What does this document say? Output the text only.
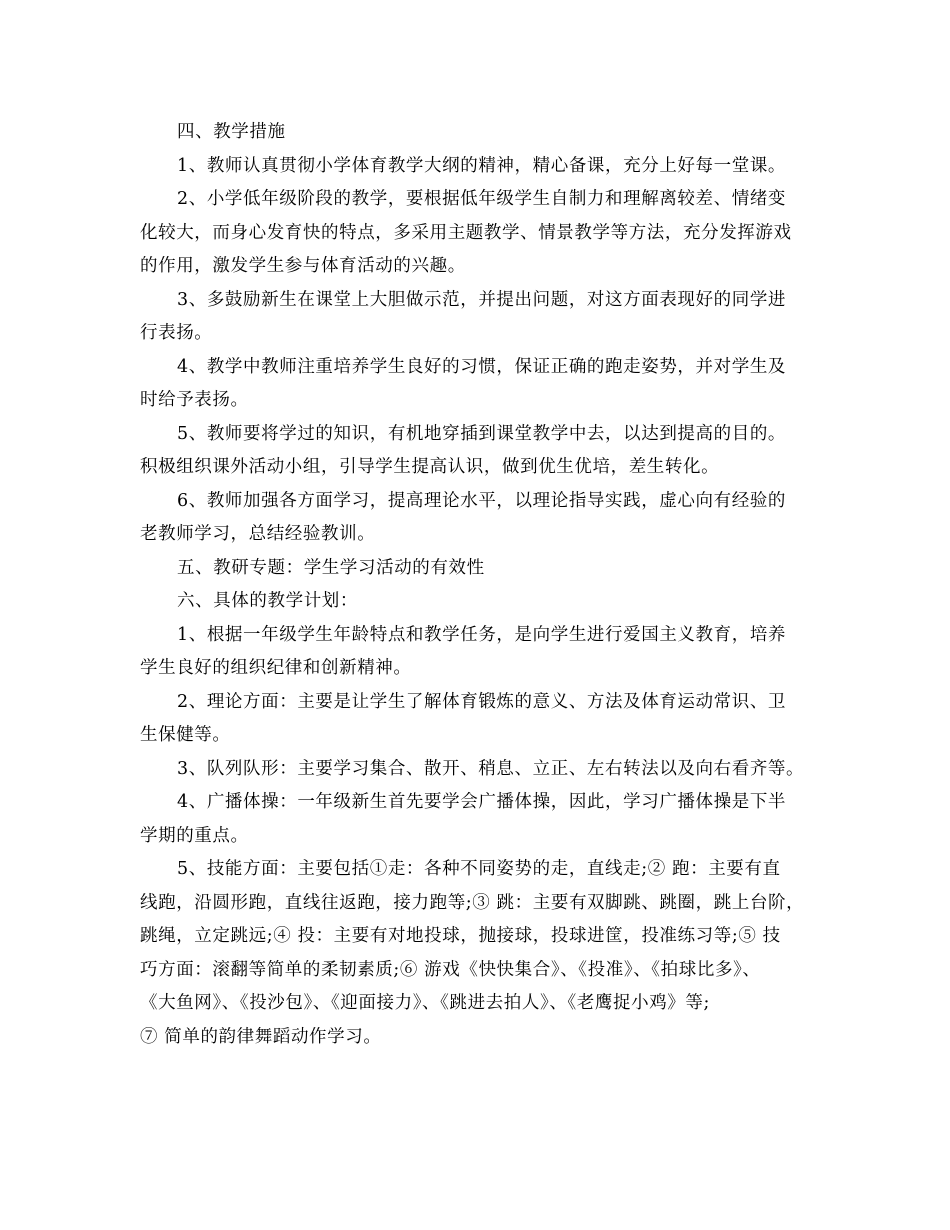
四、教学措施
1、教师认真贯彻小学体育教学大纲的精神，精心备课，充分上好每一堂课。
2、小学低年级阶段的教学，要根据低年级学生自制力和理解离较差、情绪变
化较大，而身心发育快的特点，多采用主题教学、情景教学等方法，充分发挥游戏
的作用，激发学生参与体育活动的兴趣。
3、多鼓励新生在课堂上大胆做示范，并提出问题，对这方面表现好的同学进
行表扬。
4、教学中教师注重培养学生良好的习惯，保证正确的跑走姿势，并对学生及
时给予表扬。
5、教师要将学过的知识，有机地穿插到课堂教学中去，以达到提高的目的。
积极组织课外活动小组，引导学生提高认识，做到优生优培，差生转化。
6、教师加强各方面学习，提高理论水平，以理论指导实践，虚心向有经验的
老教师学习，总结经验教训。
五、教研专题：学生学习活动的有效性
六、具体的教学计划：
1、根据一年级学生年龄特点和教学任务，是向学生进行爱国主义教育，培养
学生良好的组织纪律和创新精神。
2、理论方面：主要是让学生了解体育锻炼的意义、方法及体育运动常识、卫
生保健等。
3、队列队形：主要学习集合、散开、稍息、立正、左右转法以及向右看齐等。
4、广播体操：一年级新生首先要学会广播体操，因此，学习广播体操是下半
学期的重点。
5、技能方面：主要包括①走：各种不同姿势的走，直线走;② 跑：主要有直
线跑，沿圆形跑，直线往返跑，接力跑等;③ 跳：主要有双脚跳、跳圈，跳上台阶，
跳绳，立定跳远;④ 投：主要有对地投球，抛接球，投球进筐，投准练习等;⑤ 技
巧方面：滚翻等简单的柔韧素质;⑥ 游戏《快快集合》、《投准》、《拍球比多》、
《大鱼网》、《投沙包》、《迎面接力》、《跳进去拍人》、《老鹰捉小鸡》等;
⑦ 简单的韵律舞蹈动作学习。
